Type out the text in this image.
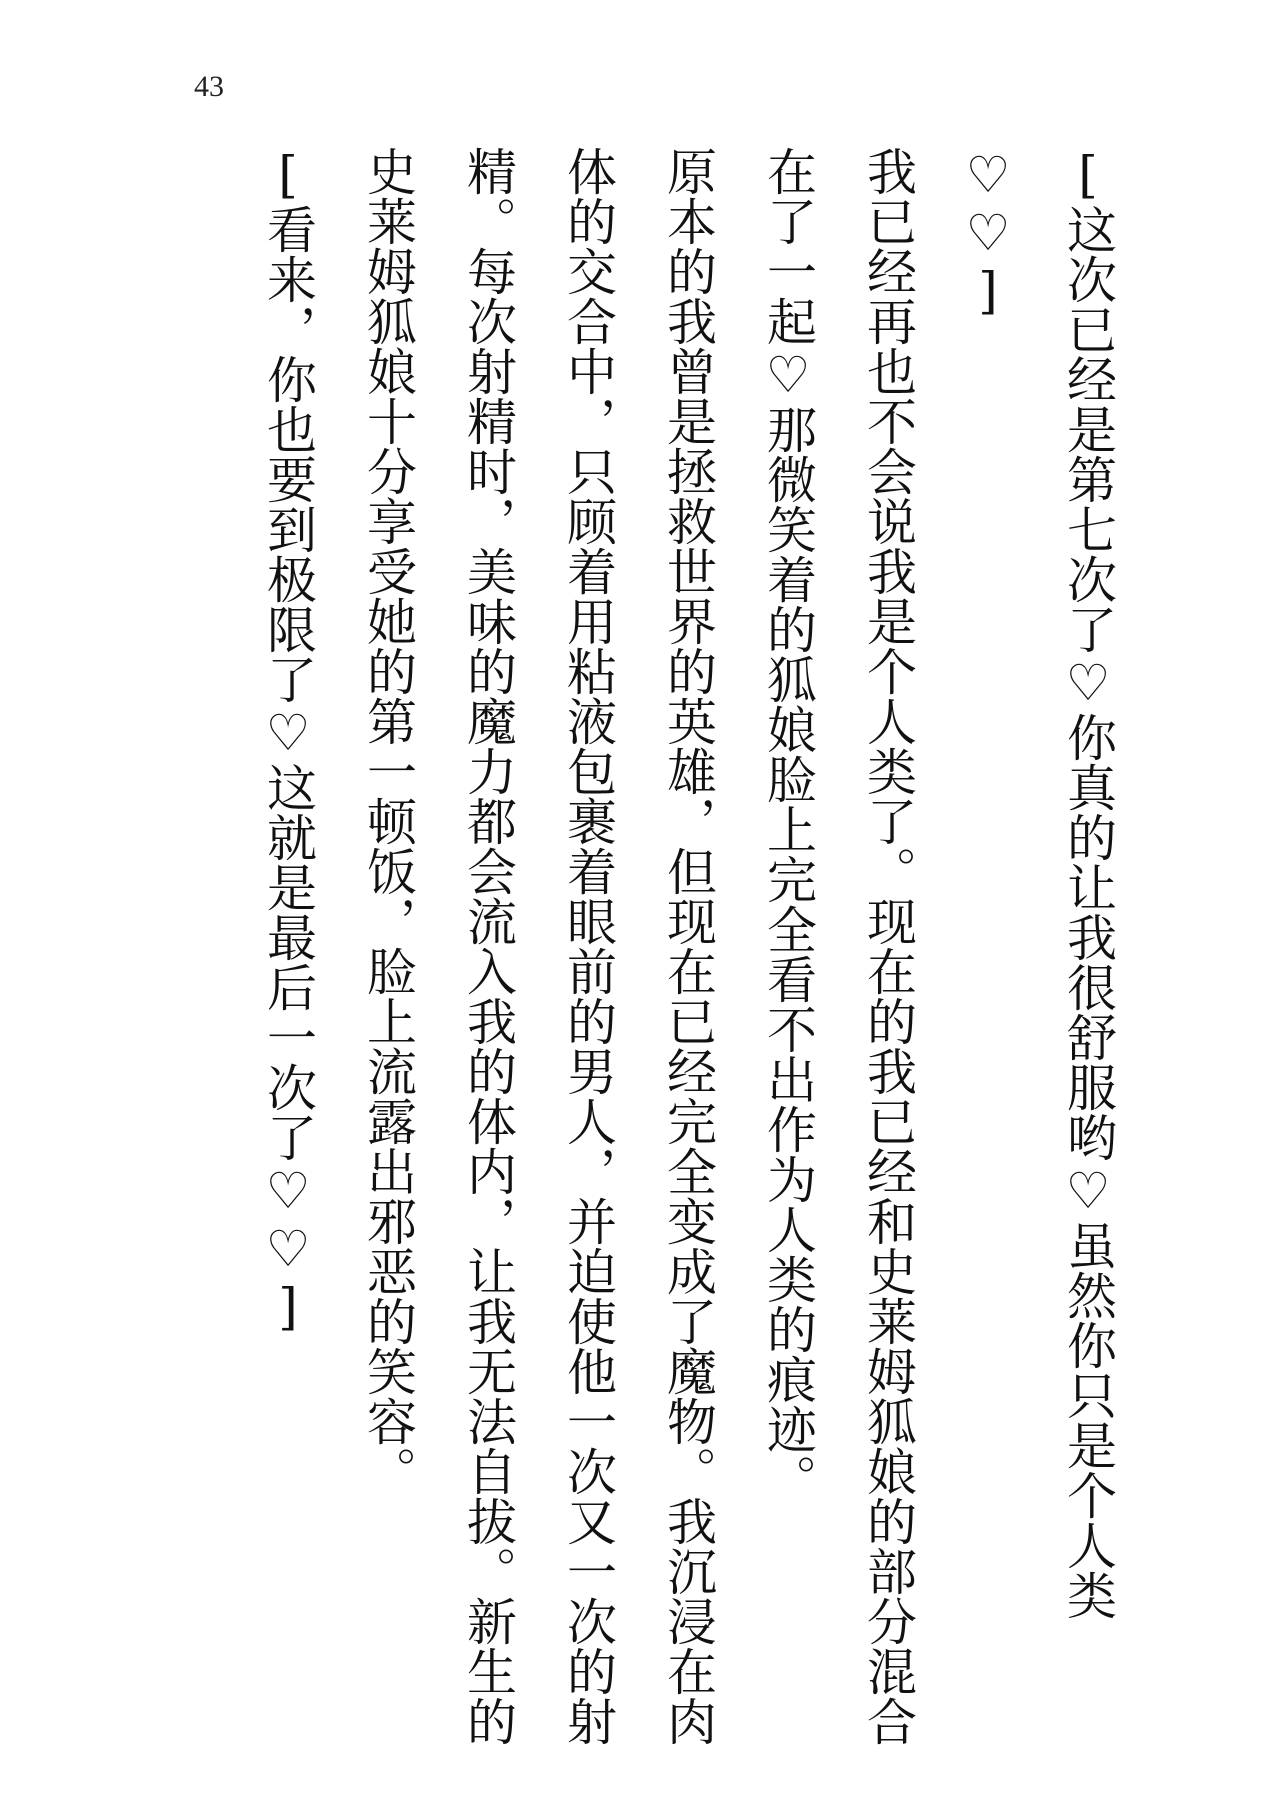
43

[这次已经是第七次了♡你真的让我很舒服哟♡虽然你只是个人类♡♡]

我已经再也不会说我是个人类了。现在的我已经和史莱姆狐娘的部分混合在了一起♡那微笑着的狐娘脸上完全看不出作为人类的痕迹。

原本的我曾是拯救世界的英雄，但现在已经完全变成了魔物。我沉浸在肉体的交合中，只顾着用粘液包裹着眼前的男人，并迫使他一次又一次的射精。每次射精时，美味的魔力都会流入我的体内，让我无法自拔。新生的史莱姆狐娘十分享受她的第一顿饭，脸上流露出邪恶的笑容。

[看来，你也要到极限了♡这就是最后一次了♡♡]
